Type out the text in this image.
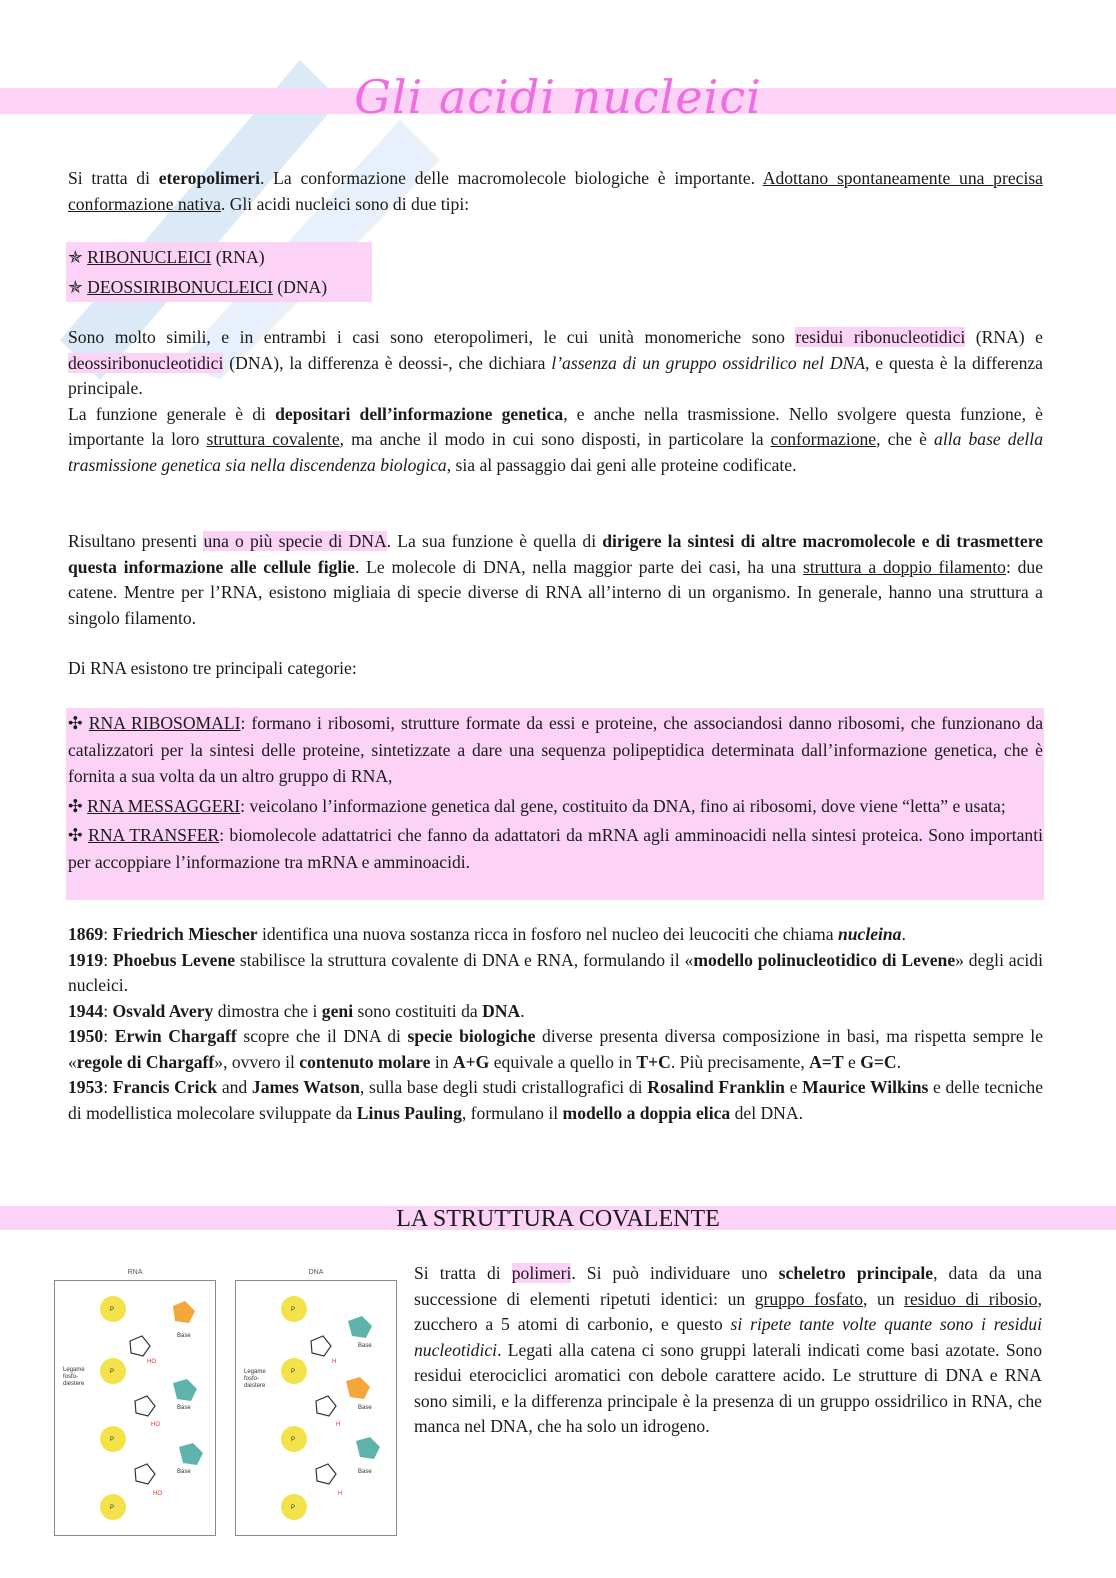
Gli acidi nucleici

Si tratta di eteropolimeri. La conformazione delle macromolecole biologiche è importante. Adottano spontaneamente una precisa conformazione nativa. Gli acidi nucleici sono di due tipi:

✯ RIBONUCLEICI (RNA)
✯ DEOSSIRIBONUCLEICI (DNA)

Sono molto simili, e in entrambi i casi sono eteropolimeri, le cui unità monomeriche sono residui ribonucleotidici (RNA) e deossiribonucleotidici (DNA), la differenza è deossi-, che dichiara l’assenza di un gruppo ossidrilico nel DNA, e questa è la differenza principale.

La funzione generale è di depositari dell’informazione genetica, e anche nella trasmissione. Nello svolgere questa funzione, è importante la loro struttura covalente, ma anche il modo in cui sono disposti, in particolare la conformazione, che è alla base della trasmissione genetica sia nella discendenza biologica, sia al passaggio dai geni alle proteine codificate.

Risultano presenti una o più specie di DNA. La sua funzione è quella di dirigere la sintesi di altre macromolecole e di trasmettere questa informazione alle cellule figlie. Le molecole di DNA, nella maggior parte dei casi, ha una struttura a doppio filamento: due catene. Mentre per l’RNA, esistono migliaia di specie diverse di RNA all’interno di un organismo. In generale, hanno una struttura a singolo filamento.

Di RNA esistono tre principali categorie:

✣ RNA RIBOSOMALI: formano i ribosomi, strutture formate da essi e proteine, che associandosi danno ribosomi, che funzionano da catalizzatori per la sintesi delle proteine, sintetizzate a dare una sequenza polipeptidica determinata dall’informazione genetica, che è fornita a sua volta da un altro gruppo di RNA,

✣ RNA MESSAGGERI: veicolano l’informazione genetica dal gene, costituito da DNA, fino ai ribosomi, dove viene “letta” e usata;

✣ RNA TRANSFER: biomolecole adattatrici che fanno da adattatori da mRNA agli amminoacidi nella sintesi proteica. Sono importanti per accoppiare l’informazione tra mRNA e amminoacidi.

1869: Friedrich Miescher identifica una nuova sostanza ricca in fosforo nel nucleo dei leucociti che chiama nucleina.

1919: Phoebus Levene stabilisce la struttura covalente di DNA e RNA, formulando il «modello polinucleotidico di Levene» degli acidi nucleici.

1944: Osvald Avery dimostra che i geni sono costituiti da DNA.

1950: Erwin Chargaff scopre che il DNA di specie biologiche diverse presenta diversa composizione in basi, ma rispetta sempre le «regole di Chargaff», ovvero il contenuto molare in A+G equivale a quello in T+C. Più precisamente, A=T e G=C.

1953: Francis Crick and James Watson, sulla base degli studi cristallografici di Rosalind Franklin e Maurice Wilkins e delle tecniche di modellistica molecolare sviluppate da Linus Pauling, formulano il modello a doppia elica del DNA.

LA STRUTTURA COVALENTE
RNA
P
Base
HO
P
Legame
fosfo-
diestere
Base
HO
P
Base
P
HO
DNA
P
Base
H
P
Legame
fosfo-
diestere
Base
H
P
Base
P
H

Si tratta di polimeri. Si può individuare uno scheletro principale, data da una successione di elementi ripetuti identici: un gruppo fosfato, un residuo di ribosio, zucchero a 5 atomi di carbonio, e questo si ripete tante volte quante sono i residui nucleotidici. Legati alla catena ci sono gruppi laterali indicati come basi azotate. Sono residui eterociclici aromatici con debole carattere acido. Le strutture di DNA e RNA sono simili, e la differenza principale è la presenza di un gruppo ossidrilico in RNA, che manca nel DNA, che ha solo un idrogeno.
